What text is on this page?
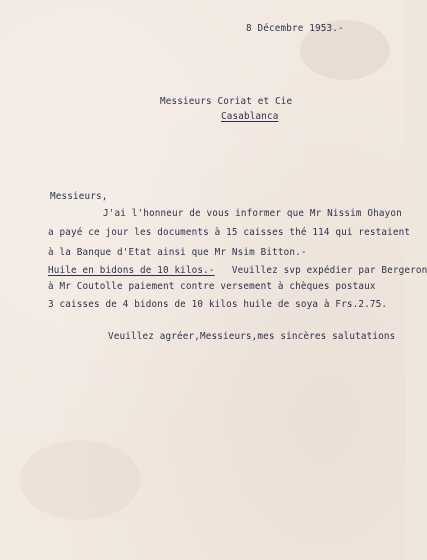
8 Décembre 1953.-
Messieurs Coriat et Cie
Casablanca
Messieurs,
J'ai l'honneur de vous informer que Mr Nissim Ohayon
a payé ce jour les documents à 15 caisses thé 114 qui restaient
à la Banque d'Etat ainsi que Mr Nsim Bitton.-
Huile en bidons de 10 kilos.- Veuillez svp expédier par Bergeron
à Mr Coutolle paiement contre versement à chèques postaux
3 caisses de 4 bidons de 10 kilos huile de soya à Frs.2.75.
Veuillez agréer,Messieurs,mes sincères salutations
